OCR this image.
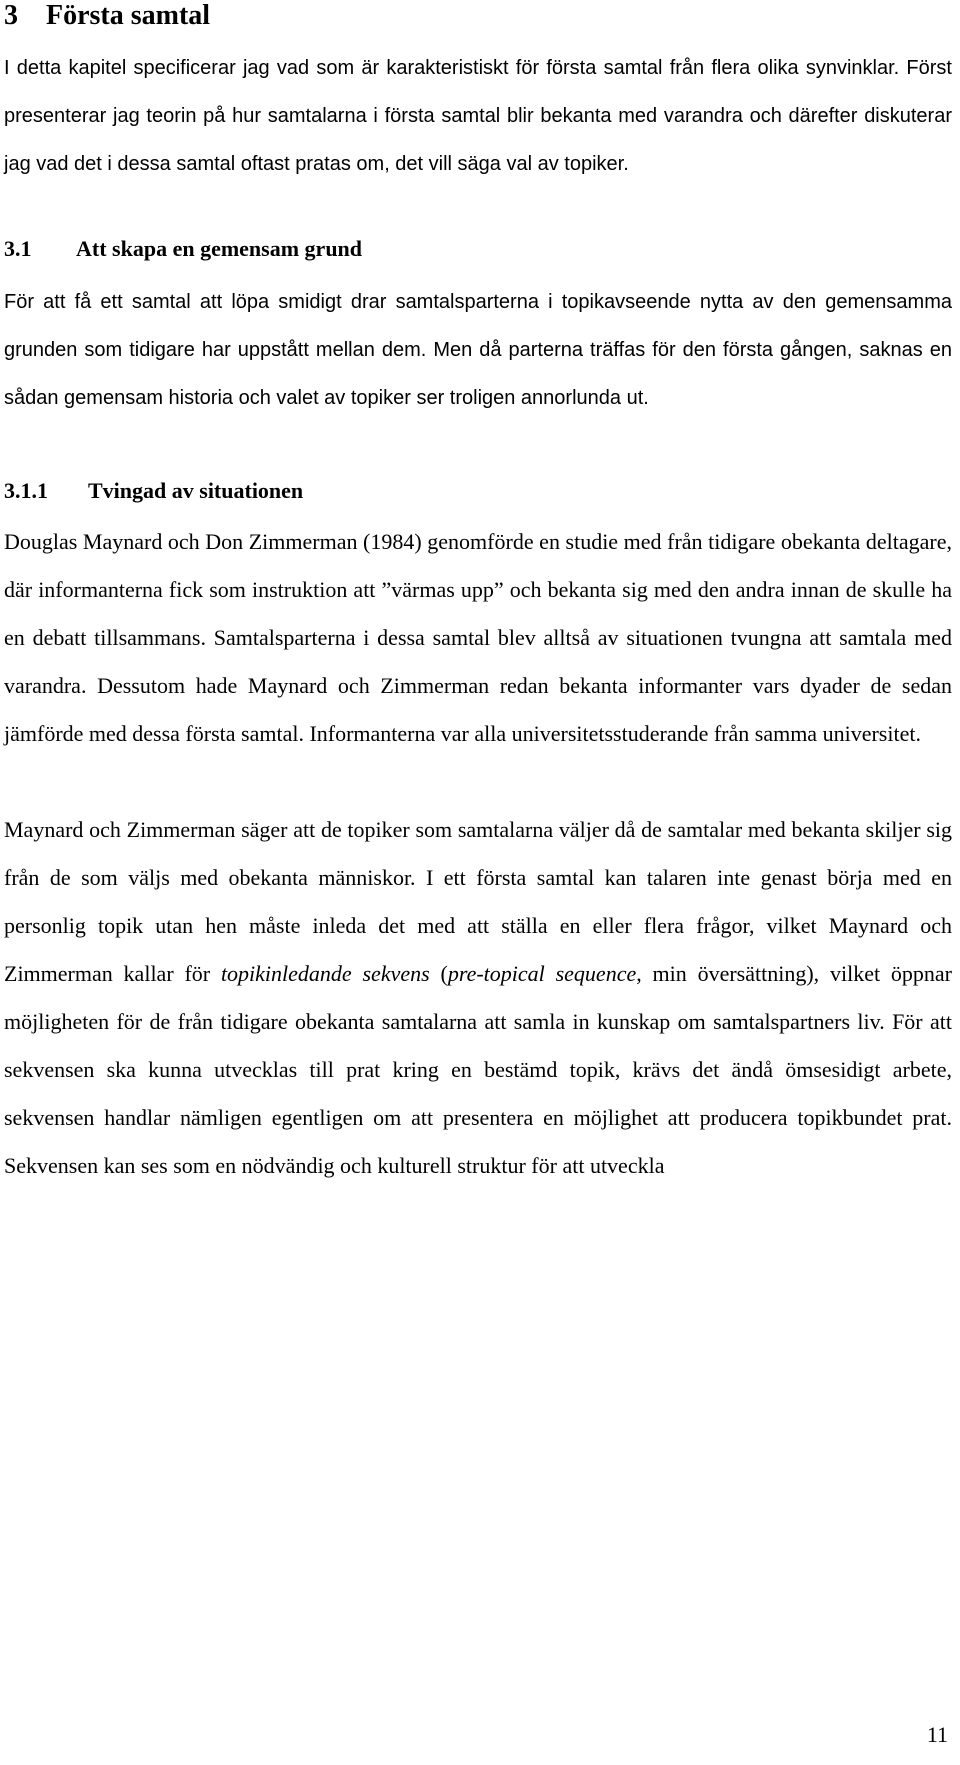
3 Första samtal

I detta kapitel specificerar jag vad som är karakteristiskt för första samtal från flera olika synvinklar. Först presenterar jag teorin på hur samtalarna i första samtal blir bekanta med varandra och därefter diskuterar jag vad det i dessa samtal oftast pratas om, det vill säga val av topiker.

3.1 Att skapa en gemensam grund

För att få ett samtal att löpa smidigt drar samtalsparterna i topikavseende nytta av den gemensamma grunden som tidigare har uppstått mellan dem. Men då parterna träffas för den första gången, saknas en sådan gemensam historia och valet av topiker ser troligen annorlunda ut.

3.1.1 Tvingad av situationen

Douglas Maynard och Don Zimmerman (1984) genomförde en studie med från tidigare obekanta deltagare, där informanterna fick som instruktion att ”värmas upp” och bekanta sig med den andra innan de skulle ha en debatt tillsammans. Samtalsparterna i dessa samtal blev alltså av situationen tvungna att samtala med varandra. Dessutom hade Maynard och Zimmerman redan bekanta informanter vars dyader de sedan jämförde med dessa första samtal. Informanterna var alla universitetsstuderande från samma universitet.

Maynard och Zimmerman säger att de topiker som samtalarna väljer då de samtalar med bekanta skiljer sig från de som väljs med obekanta människor. I ett första samtal kan talaren inte genast börja med en personlig topik utan hen måste inleda det med att ställa en eller flera frågor, vilket Maynard och Zimmerman kallar för topikinledande sekvens (pre-topical sequence, min översättning), vilket öppnar möjligheten för de från tidigare obekanta samtalarna att samla in kunskap om samtalspartners liv. För att sekvensen ska kunna utvecklas till prat kring en bestämd topik, krävs det ändå ömsesidigt arbete, sekvensen handlar nämligen egentligen om att presentera en möjlighet att producera topikbundet prat. Sekvensen kan ses som en nödvändig och kulturell struktur för att utveckla

11
